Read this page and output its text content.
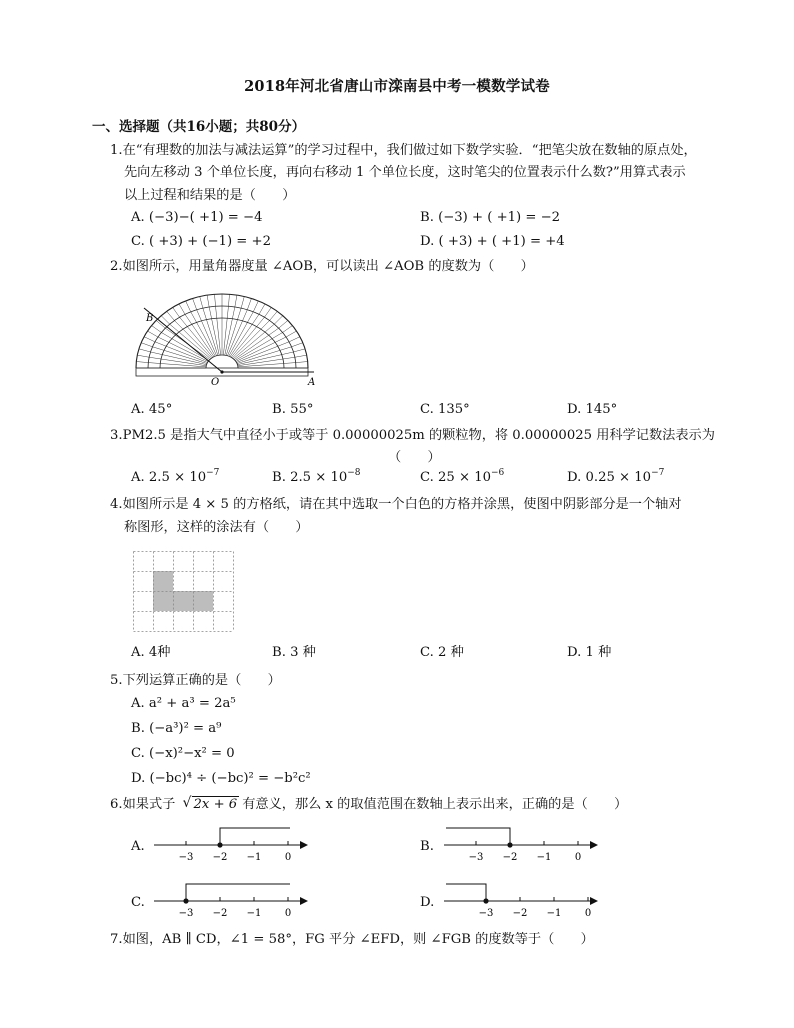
2018年河北省唐山市滦南县中考一模数学试卷
一、选择题（共16小题；共80分）
1.在“有理数的加法与减法运算”的学习过程中，我们做过如下数学实验．“把笔尖放在数轴的原点处，
先向左移动 3 个单位长度，再向右移动 1 个单位长度，这时笔尖的位置表示什么数?”用算式表示
以上过程和结果的是（　　）
A. (−3)−( +1) = −4	B. (−3) + ( +1) = −2
C. ( +3) + (−1) = +2	D. ( +3) + ( +1) = +4
2.如图所示，用量角器度量 ∠AOB，可以读出 ∠AOB 的度数为（　　）
B
O	A
A. 45°	B. 55°	C. 135°	D. 145°
3.PM2.5 是指大气中直径小于或等于 0.00000025m 的颗粒物，将 0.00000025 用科学记数法表示为
（　　）
A. $2.5 \times 10^{-7}$	B. $2.5 \times 10^{-8}$	C. $25 \times 10^{-6}$	D. $0.25 \times 10^{-7}$
4.如图所示是 4 × 5 的方格纸，请在其中选取一个白色的方格并涂黑，使图中阴影部分是一个轴对
称图形，这样的涂法有（　　）
A. 4种	B. 3 种	C. 2 种	D. 1 种
5.下列运算正确的是（　　）
A. a² + a³ = 2a⁵
B. (−a³)² = a⁹
C. (−x)²−x² = 0
D. (−bc)⁴ ÷ (−bc)² = −b²c²
6.如果式子 √ 2x + 6 有意义，那么 x 的取值范围在数轴上表示出来，正确的是（　　）
A.
−3 −2 −1 0
B.
−3 −2 −1 0
C.
−3 −2 −1 0
D.
−3 −2 −1 0
7.如图，AB ∥ CD，∠1 = 58°，FG 平分 ∠EFD，则 ∠FGB 的度数等于（　　）
